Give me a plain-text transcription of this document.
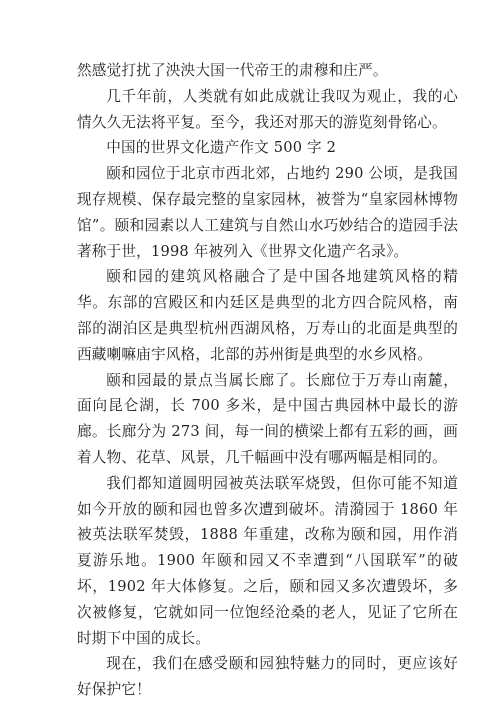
然感觉打扰了泱泱大国一代帝王的肃穆和庄严。

几千年前，人类就有如此成就让我叹为观止，我的心情久久无法将平复。至今，我还对那天的游览刻骨铭心。

中国的世界文化遗产作文 500 字 2

颐和园位于北京市西北郊，占地约 290 公顷，是我国现存规模、保存最完整的皇家园林，被誉为“皇家园林博物馆”。颐和园素以人工建筑与自然山水巧妙结合的造园手法著称于世，1998 年被列入《世界文化遗产名录》。

颐和园的建筑风格融合了是中国各地建筑风格的精华。东部的宫殿区和内廷区是典型的北方四合院风格，南部的湖泊区是典型杭州西湖风格，万寿山的北面是典型的西藏喇嘛庙宇风格，北部的苏州街是典型的水乡风格。

颐和园最的景点当属长廊了。长廊位于万寿山南麓，面向昆仑湖，长 700 多米，是中国古典园林中最长的游廊。长廊分为 273 间，每一间的横梁上都有五彩的画，画着人物、花草、风景，几千幅画中没有哪两幅是相同的。

我们都知道圆明园被英法联军烧毁，但你可能不知道如今开放的颐和园也曾多次遭到破坏。清漪园于 1860 年被英法联军焚毁，1888 年重建，改称为颐和园，用作消夏游乐地。1900 年颐和园又不幸遭到“八国联军”的破坏，1902 年大体修复。之后，颐和园又多次遭毁坏，多次被修复，它就如同一位饱经沧桑的老人，见证了它所在时期下中国的成长。

现在，我们在感受颐和园独特魅力的同时，更应该好好保护它！
